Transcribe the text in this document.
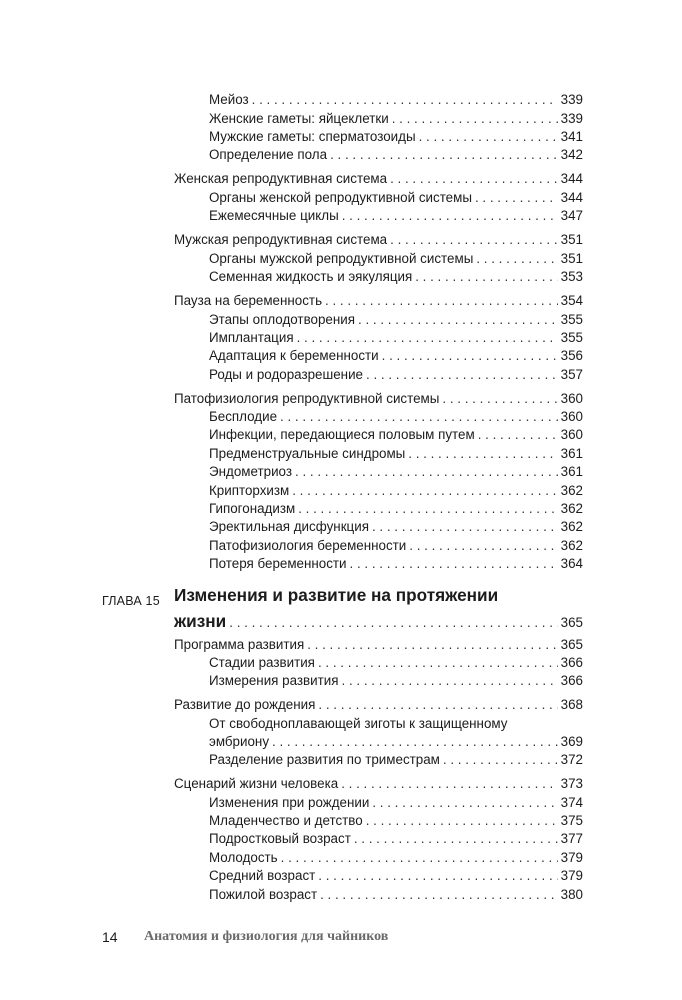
Мейоз . . .	339
Женские гаметы: яйцеклетки . . .	339
Мужские гаметы: сперматозоиды . . .	341
Определение пола . . .	342
Женская репродуктивная система . . .	344
Органы женской репродуктивной системы . . .	344
Ежемесячные циклы . . .	347
Мужская репродуктивная система . . .	351
Органы мужской репродуктивной системы . . .	351
Семенная жидкость и эякуляция . . .	353
Пауза на беременность . . .	354
Этапы оплодотворения . . .	355
Имплантация . . .	355
Адаптация к беременности . . .	356
Роды и родоразрешение . . .	357
Патофизиология репродуктивной системы . . .	360
Бесплодие . . .	360
Инфекции, передающиеся половым путем . . .	360
Предменструальные синдромы . . .	361
Эндометриоз . . .	361
Крипторхизм . . .	362
Гипогонадизм . . .	362
Эректильная дисфункция . . .	362
Патофизиология беременности . . .	362
Потеря беременности . . .	364
ГЛАВА 15 Изменения и развитие на протяжении
жизни . . .	365
Программа развития . . .	365
Стадии развития . . .	366
Измерения развития . . .	366
Развитие до рождения . . .	368
От свободноплавающей зиготы к защищенному
эмбриону . . .	369
Разделение развития по триместрам . . .	372
Сценарий жизни человека . . .	373
Изменения при рождении . . .	374
Младенчество и детство . . .	375
Подростковый возраст . . .	377
Молодость . . .	379
Средний возраст . . .	379
Пожилой возраст . . .	380
14 Анатомия и физиология для чайников
